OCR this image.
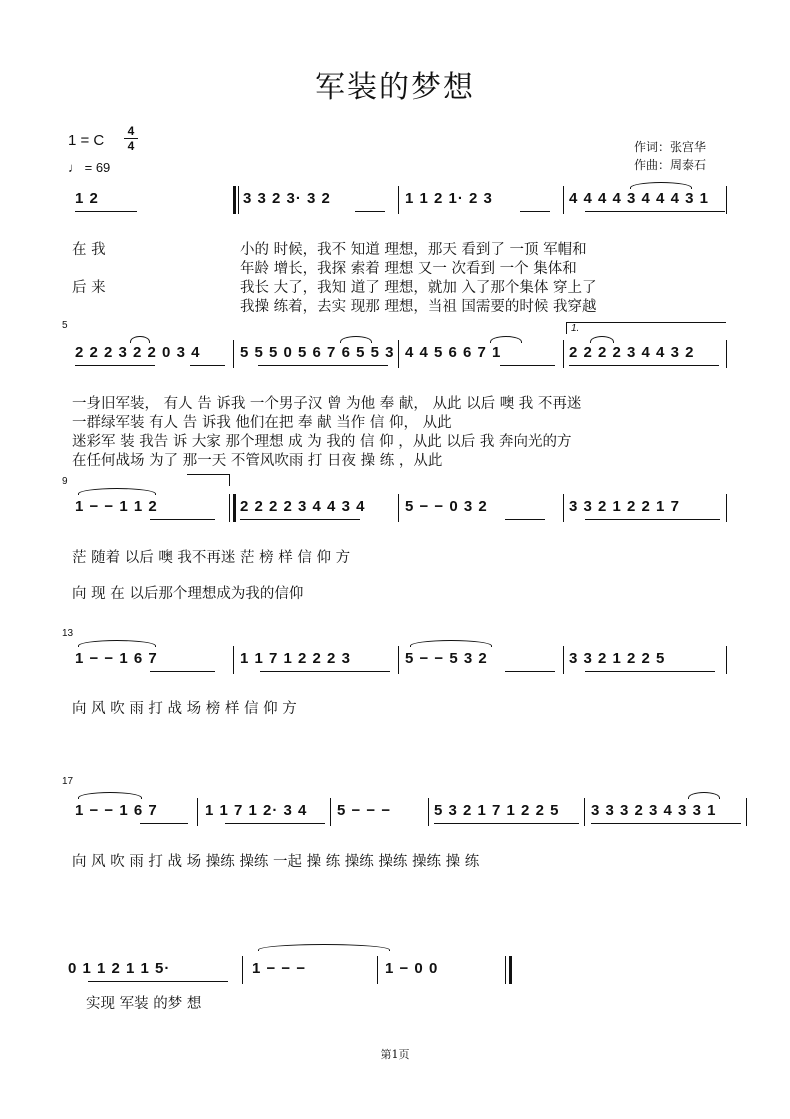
军装的梦想
1 = C
4
4
♩ = 69
作词：张宫华
作曲：周泰石
1 2	3 3 2 3· 3 2	1 1 2 1· 2 3	4 4 4 4 3 4 4 4 3 1
在 我
后 来
小的 时候，我不 知道 理想，那天 看到了 一顶 军帽和
年龄 增长，我探 索着 理想 又一 次看到 一个 集体和
我长 大了，我知 道了 理想，就加 入了那个集体 穿上了
我操 练着，去实 现那 理想，当祖 国需要的时候 我穿越
5	1.
2 2 2 3 2 2 0 3 4	5 5 5 0 5 6 7 6 5 5 3 4 4 5 6 6 7 1	2 2 2 2 3 4 4 3 2
一身旧军装， 有人 告 诉我 一个男子汉 曾 为他 奉 献， 从此 以后 噢 我 不再迷
一群绿军装 有人 告 诉我 他们在把 奉 献 当作 信 仰， 从此
迷彩军 装 我告 诉 大家 那个理想 成 为 我的 信 仰 ，从此 以后 我 奔向光的方
在任何战场 为了 那一天 不管风吹雨 打 日夜 操 练 ，从此
9
1 − − 1 1 2	2 2 2 2 3 4 4 3 4	5 − − 0 3 2	3 3 2 1 2 2 1 7
茫 随着 以后 噢 我不再迷 茫 榜 样 信 仰 方
向 现 在 以后那个理想成为我的信仰
13
1 − − 1 6 7	1 1 7 1 2 2 2 3	5 − − 5 3 2	3 3 2 1 2 2 5
向 风 吹 雨 打 战 场 榜 样 信 仰 方
17
1 − − 1 6 7	1 1 7 1 2· 3 4 5 − − −	5 3 2 1 7 1 2 2 5 3 3 3 2 3 4 3 3 1
向 风 吹 雨 打 战 场 操练 操练 一起 操 练 操练 操练 操练 操 练
0 1 1 2 1 1 5·	1 − − −	1 − 0 0
实现 军装 的梦 想
第1页
